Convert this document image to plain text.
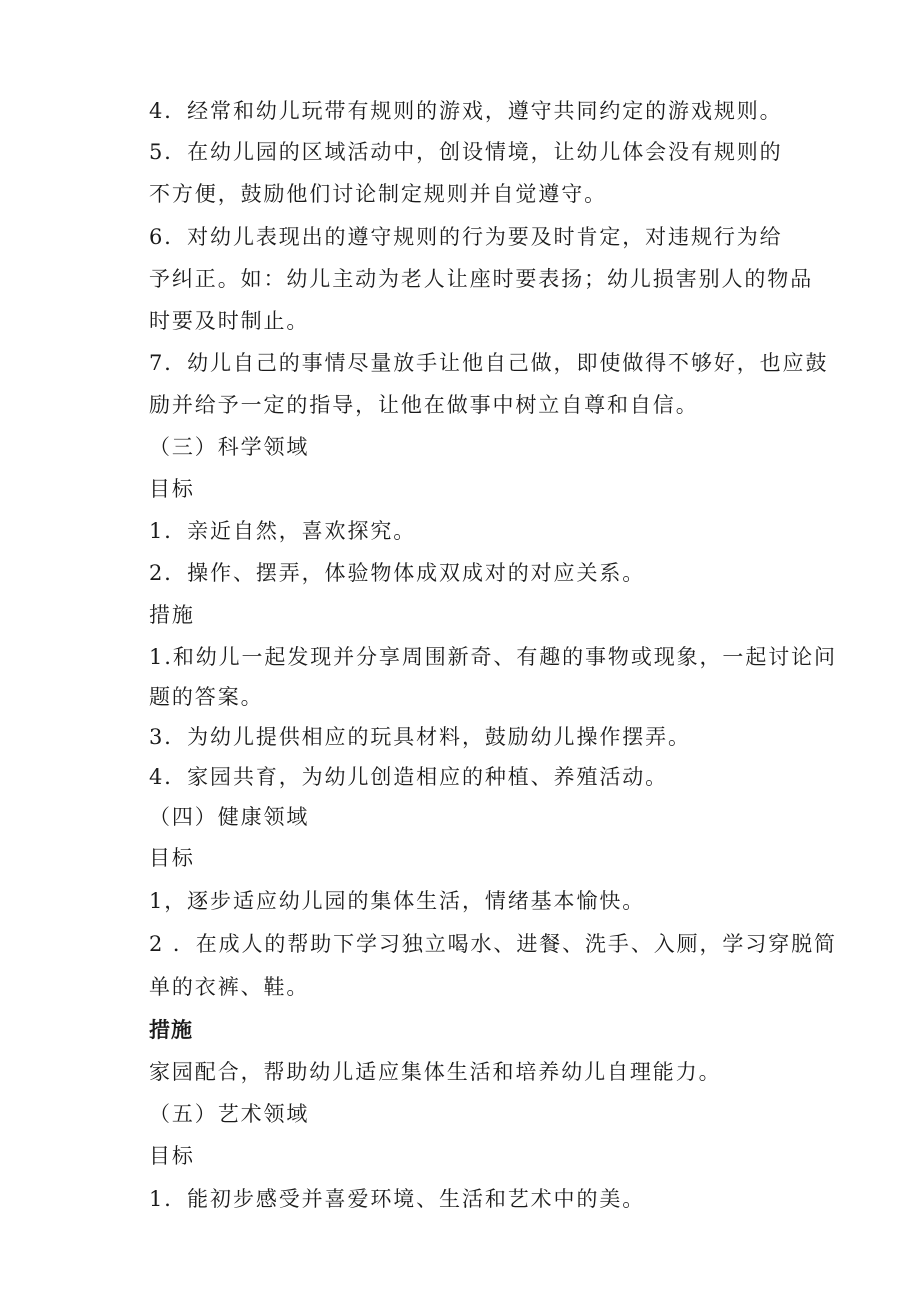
4．经常和幼儿玩带有规则的游戏，遵守共同约定的游戏规则。
5．在幼儿园的区域活动中，创设情境，让幼儿体会没有规则的
不方便，鼓励他们讨论制定规则并自觉遵守。
6．对幼儿表现出的遵守规则的行为要及时肯定，对违规行为给
予纠正。如：幼儿主动为老人让座时要表扬；幼儿损害别人的物品
时要及时制止。
7．幼儿自己的事情尽量放手让他自己做，即使做得不够好，也应鼓
励并给予一定的指导，让他在做事中树立自尊和自信。
（三）科学领域
目标
1．亲近自然，喜欢探究。
2．操作、摆弄，体验物体成双成对的对应关系。
措施
1.和幼儿一起发现并分享周围新奇、有趣的事物或现象，一起讨论问
题的答案。
3．为幼儿提供相应的玩具材料，鼓励幼儿操作摆弄。
4．家园共育，为幼儿创造相应的种植、养殖活动。
（四）健康领域
目标
1，逐步适应幼儿园的集体生活，情绪基本愉快。
2 ．在成人的帮助下学习独立喝水、进餐、洗手、入厕，学习穿脱简
单的衣裤、鞋。
措施
家园配合，帮助幼儿适应集体生活和培养幼儿自理能力。
（五）艺术领域
目标
1．能初步感受并喜爱环境、生活和艺术中的美。
